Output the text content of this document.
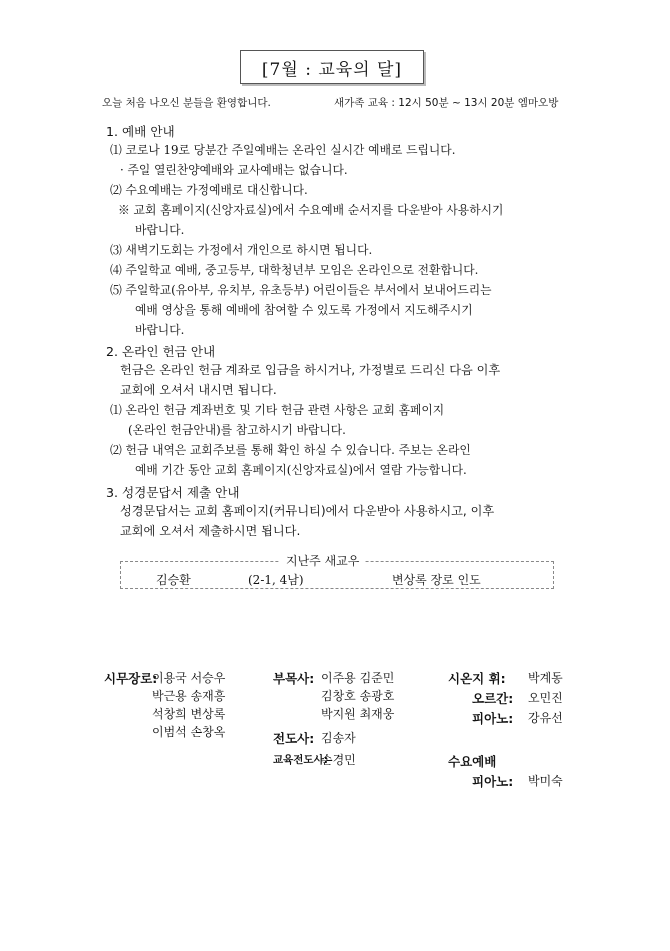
[7월 : 교육의 달]
오늘 처음 나오신 분들을 환영합니다.	새가족 교육 : 12시 50분 ~ 13시 20분 엠마오방
1. 예배 안내
⑴ 코로나 19로 당분간 주일예배는 온라인 실시간 예배로 드립니다.
· 주일 열린찬양예배와 교사예배는 없습니다.
⑵ 수요예배는 가정예배로 대신합니다.
※ 교회 홈페이지(신앙자료실)에서 수요예배 순서지를 다운받아 사용하시기
바랍니다.
⑶ 새벽기도회는 가정에서 개인으로 하시면 됩니다.
⑷ 주일학교 예배, 중고등부, 대학청년부 모임은 온라인으로 전환합니다.
⑸ 주일학교(유아부, 유치부, 유초등부) 어린이들은 부서에서 보내어드리는
예배 영상을 통해 예배에 참여할 수 있도록 가정에서 지도해주시기
바랍니다.
2. 온라인 헌금 안내
헌금은 온라인 헌금 계좌로 입금을 하시거나, 가정별로 드리신 다음 이후
교회에 오셔서 내시면 됩니다.
⑴ 온라인 헌금 계좌번호 및 기타 헌금 관련 사항은 교회 홈페이지
(온라인 헌금안내)를 참고하시기 바랍니다.
⑵ 헌금 내역은 교회주보를 통해 확인 하실 수 있습니다. 주보는 온라인
예배 기간 동안 교회 홈페이지(신앙자료실)에서 열람 가능합니다.
3. 성경문답서 제출 안내
성경문답서는 교회 홈페이지(커뮤니티)에서 다운받아 사용하시고, 이후
교회에 오셔서 제출하시면 됩니다.
지난주 새교우
김승환	(2-1, 4남)	변상록 장로 인도
시무장로:
이용국 서승우
박근용 송재흥
석창희 변상록
이범석 손창옥
부목사: 이주용 김준민
김창호 송광호
박지원 최재웅
전도사: 김송자
교육전도사:
손경민
시온지 휘: 박계동
오르간: 오민진
피아노: 강유선
수요예배
피아노: 박미숙
